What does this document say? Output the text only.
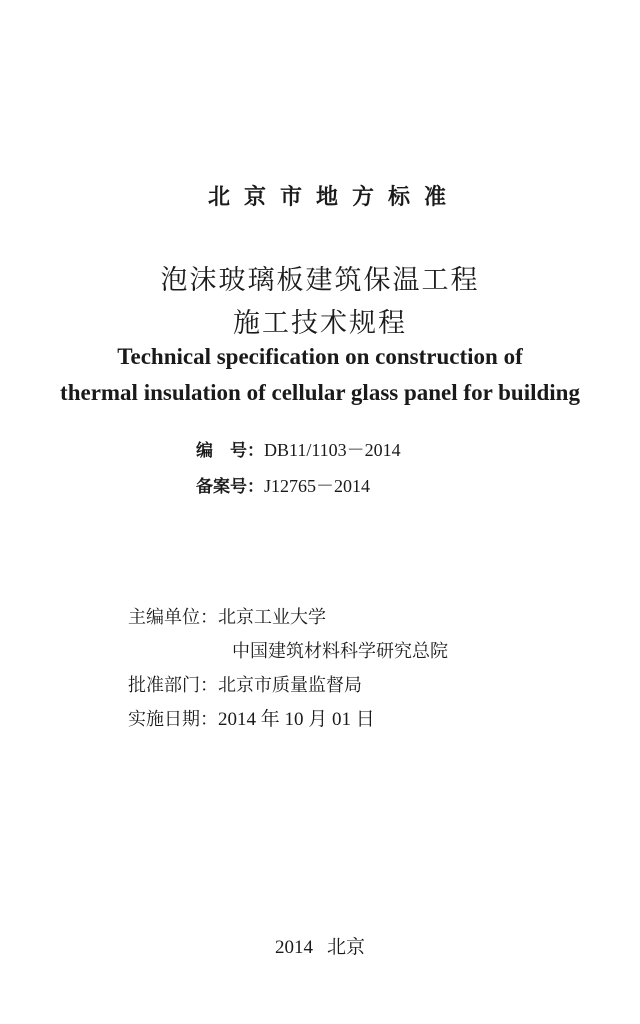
北京市地方标准
泡沫玻璃板建筑保温工程
施工技术规程
Technical specification on construction of
thermal insulation of cellular glass panel for building
编　号：DB11/1103－2014
备案号：J12765－2014
主编单位：北京工业大学
中国建筑材料科学研究总院
批准部门：北京市质量监督局
实施日期：2014 年 10 月 01 日
2014 北京
